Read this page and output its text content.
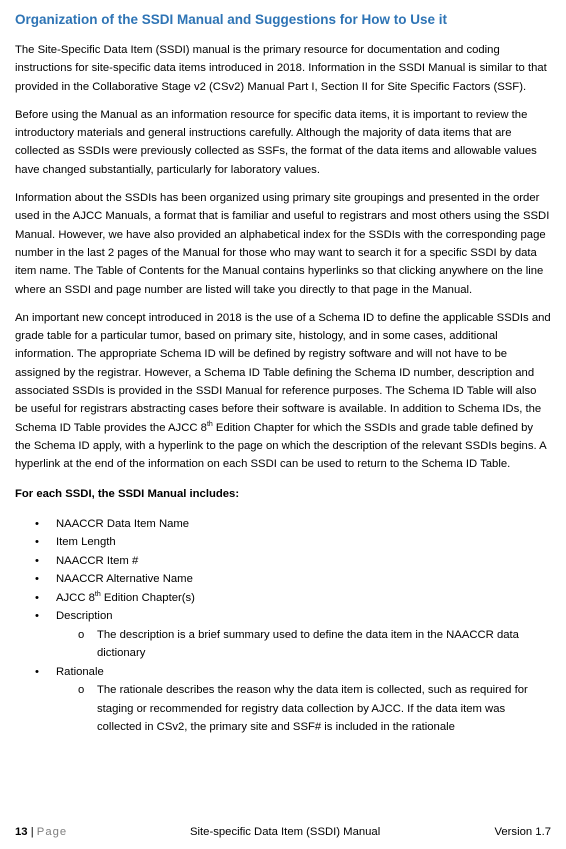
Organization of the SSDI Manual and Suggestions for How to Use it

The Site-Specific Data Item (SSDI) manual is the primary resource for documentation and coding instructions for site-specific data items introduced in 2018. Information in the SSDI Manual is similar to that provided in the Collaborative Stage v2 (CSv2) Manual Part I, Section II for Site Specific Factors (SSF).

Before using the Manual as an information resource for specific data items, it is important to review the introductory materials and general instructions carefully. Although the majority of data items that are collected as SSDIs were previously collected as SSFs, the format of the data items and allowable values have changed substantially, particularly for laboratory values.

Information about the SSDIs has been organized using primary site groupings and presented in the order used in the AJCC Manuals, a format that is familiar and useful to registrars and most others using the SSDI Manual. However, we have also provided an alphabetical index for the SSDIs with the corresponding page number in the last 2 pages of the Manual for those who may want to search it for a specific SSDI by data item name. The Table of Contents for the Manual contains hyperlinks so that clicking anywhere on the line where an SSDI and page number are listed will take you directly to that page in the Manual.

An important new concept introduced in 2018 is the use of a Schema ID to define the applicable SSDIs and grade table for a particular tumor, based on primary site, histology, and in some cases, additional information. The appropriate Schema ID will be defined by registry software and will not have to be assigned by the registrar. However, a Schema ID Table defining the Schema ID number, description and associated SSDIs is provided in the SSDI Manual for reference purposes. The Schema ID Table will also be useful for registrars abstracting cases before their software is available. In addition to Schema IDs, the Schema ID Table provides the AJCC 8th Edition Chapter for which the SSDIs and grade table defined by the Schema ID apply, with a hyperlink to the page on which the description of the relevant SSDIs begins. A hyperlink at the end of the information on each SSDI can be used to return to the Schema ID Table.

For each SSDI, the SSDI Manual includes:

• NAACCR Data Item Name
• Item Length
• NAACCR Item #
• NAACCR Alternative Name
• AJCC 8th Edition Chapter(s)
• Description
o The description is a brief summary used to define the data item in the NAACCR data dictionary
• Rationale
o The rationale describes the reason why the data item is collected, such as required for staging or recommended for registry data collection by AJCC. If the data item was collected in CSv2, the primary site and SSF# is included in the rationale
13 | Page	Site-specific Data Item (SSDI) Manual	Version 1.7
